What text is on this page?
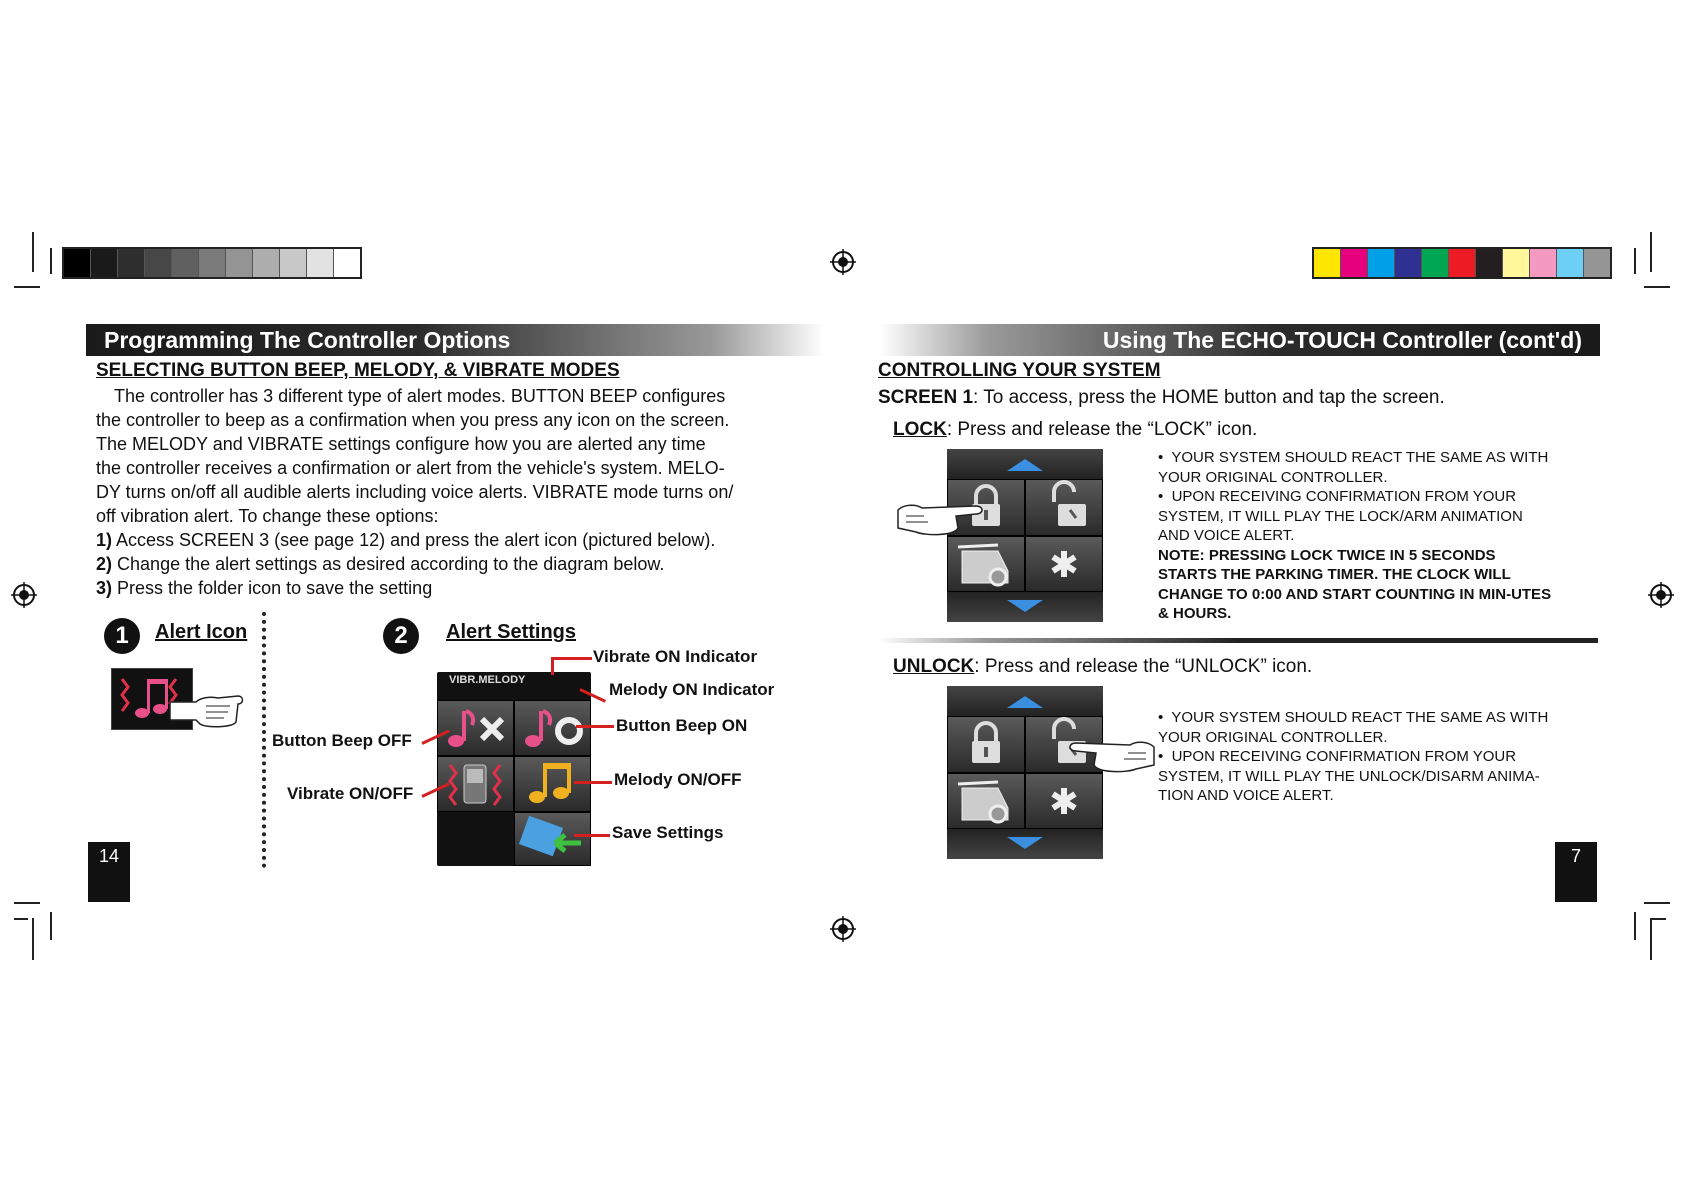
Programming The Controller Options
SELECTING BUTTON BEEP, MELODY, & VIBRATE MODES
The controller has 3 different type of alert modes. BUTTON BEEP configures
the controller to beep as a confirmation when you press any icon on the screen.
The MELODY and VIBRATE settings configure how you are alerted any time
the controller receives a confirmation or alert from the vehicle's system. MELO-
DY turns on/off all audible alerts including voice alerts. VIBRATE mode turns on/
off vibration alert. To change these options:
1) Access SCREEN 3 (see page 12) and press the alert icon (pictured below).
2) Change the alert settings as desired according to the diagram below.
3) Press the folder icon to save the setting
1	Alert Icon	2	Alert Settings
VIBR.MELODY
Vibrate ON Indicator
Melody ON Indicator
Button Beep ON
Button Beep OFF
Melody ON/OFF
Vibrate ON/OFF
Save Settings
14
Using The ECHO-TOUCH Controller (cont'd)
CONTROLLING YOUR SYSTEM
SCREEN 1: To access, press the HOME button and tap the screen.
LOCK: Press and release the “LOCK” icon.
•  YOUR SYSTEM SHOULD REACT THE SAME AS WITH YOUR ORIGINAL CONTROLLER.
•  UPON RECEIVING CONFIRMATION FROM YOUR SYSTEM, IT WILL PLAY THE LOCK/ARM ANIMATION AND VOICE ALERT.
NOTE: PRESSING LOCK TWICE IN 5 SECONDS STARTS THE PARKING TIMER. THE CLOCK WILL CHANGE TO 0:00 AND START COUNTING IN MIN-UTES & HOURS.
UNLOCK: Press and release the “UNLOCK” icon.
•  YOUR SYSTEM SHOULD REACT THE SAME AS WITH YOUR ORIGINAL CONTROLLER.
•  UPON RECEIVING CONFIRMATION FROM YOUR SYSTEM, IT WILL PLAY THE UNLOCK/DISARM ANIMA-TION AND VOICE ALERT.
7
